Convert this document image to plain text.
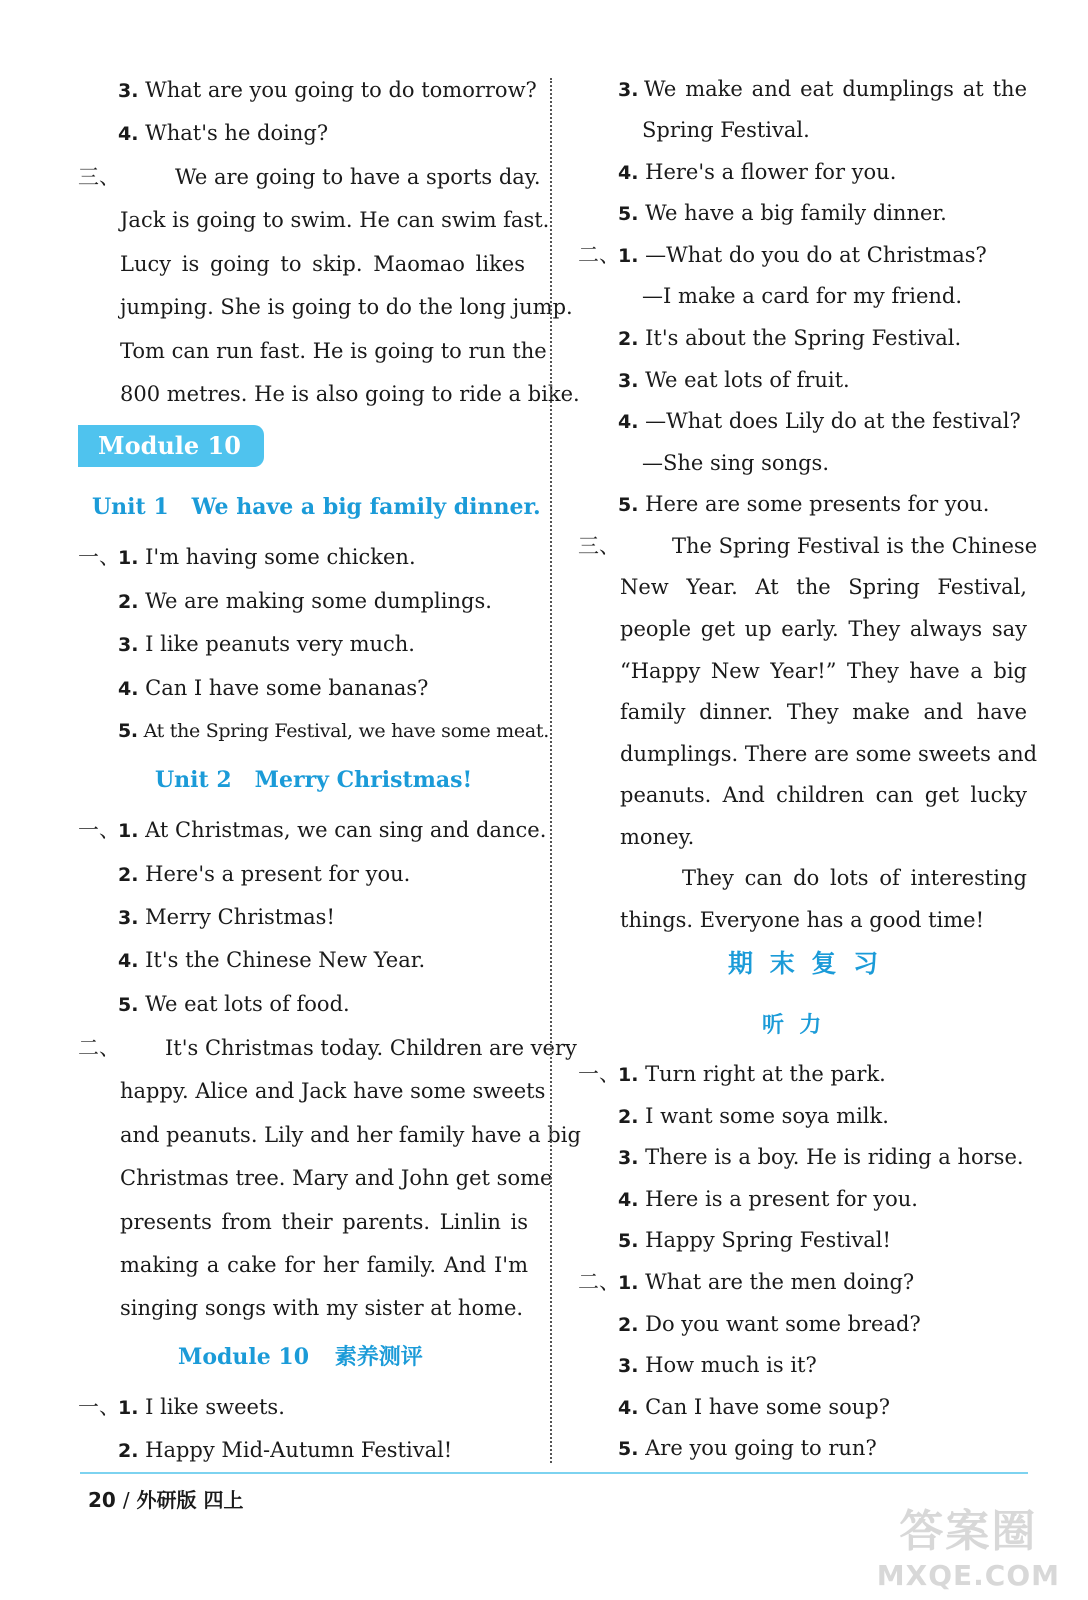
3. What are you going to do tomorrow?
4. What's he doing?
三、	We are going to have a sports day.
Jack is going to swim. He can swim fast.
Lucy is going to skip. Maomao likes
jumping. She is going to do the long jump.
Tom can run fast. He is going to run the
800 metres. He is also going to ride a bike.
Module 10
Unit 1   We have a big family dinner.
一、
1. I'm having some chicken.
2. We are making some dumplings.
3. I like peanuts very much.
4. Can I have some bananas?
5. At the Spring Festival, we have some meat.
Unit 2   Merry Christmas!
一、
1. At Christmas, we can sing and dance.
2. Here's a present for you.
3. Merry Christmas!
4. It's the Chinese New Year.
5. We eat lots of food.
二、 It's Christmas today. Children are very
happy. Alice and Jack have some sweets
and peanuts. Lily and her family have a big
Christmas tree. Mary and John get some
presents from their parents. Linlin is
making a cake for her family. And I'm
singing songs with my sister at home.
Module 10 素养测评
一、
1. I like sweets.
2. Happy Mid-Autumn Festival!
3. We make and eat dumplings at the
Spring Festival.
4. Here's a flower for you.
5. We have a big family dinner.
二、
1. —What do you do at Christmas?
—I make a card for my friend.
2. It's about the Spring Festival.
3. We eat lots of fruit.
4. —What does Lily do at the festival?
—She sing songs.
5. Here are some presents for you.
三、 The Spring Festival is the Chinese
New Year. At the Spring Festival,
people get up early. They always say
“Happy New Year!” They have a big
family dinner. They make and have
dumplings. There are some sweets and
peanuts. And children can get lucky
money.
They can do lots of interesting
things. Everyone has a good time!
期 末 复 习
听  力
一、
1. Turn right at the park.
2. I want some soya milk.
3. There is a boy. He is riding a horse.
4. Here is a present for you.
5. Happy Spring Festival!
二、
1. What are the men doing?
2. Do you want some bread?
3. How much is it?
4. Can I have some soup?
5. Are you going to run?
20 / 外研版 四上
答案圈
MXQE.COM
